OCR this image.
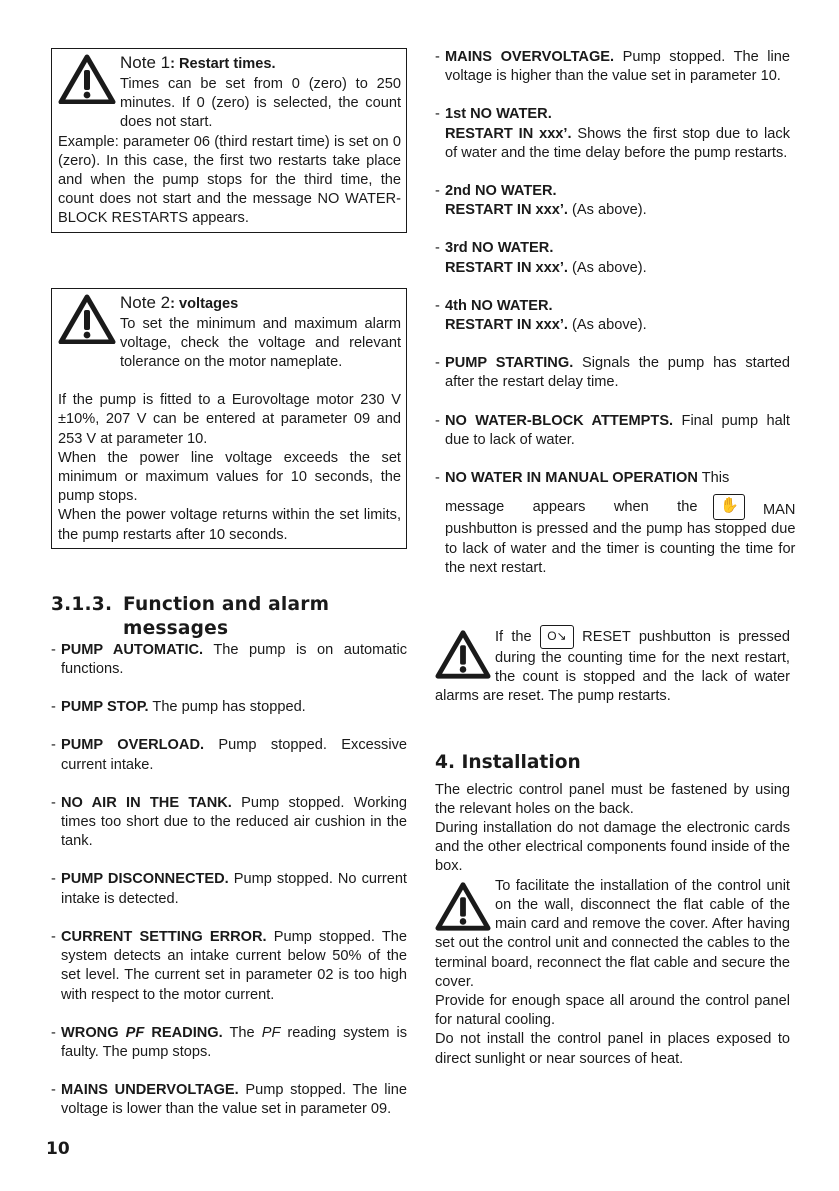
Note 1: Restart times.

Times can be set from 0 (zero) to 250 minutes. If 0 (zero) is selected, the count does not start.

Example: parameter 06 (third restart time) is set on 0 (zero). In this case, the first two restarts take place and when the pump stops for the third time, the count does not start and the message NO WATER-BLOCK RESTARTS appears.

Note 2: voltages

To set the minimum and maximum alarm voltage, check the voltage and relevant tolerance on the motor nameplate.

If the pump is fitted to a Eurovoltage motor 230 V ±10%, 207 V can be entered at parameter 09 and 253 V at parameter 10.

When the power line voltage exceeds the set minimum or maximum values for 10 seconds, the pump stops.

When the power voltage returns within the set limits, the pump restarts after 10 seconds.

3.1.3. Function and alarm
messages
- PUMP AUTOMATIC. The pump is on automatic functions.

- PUMP STOP. The pump has stopped.

- PUMP OVERLOAD. Pump stopped. Excessive current intake.

- NO AIR IN THE TANK. Pump stopped. Working times too short due to the reduced air cushion in the tank.

- PUMP DISCONNECTED. Pump stopped. No current intake is detected.

- CURRENT SETTING ERROR. Pump stopped. The system detects an intake current below 50% of the set level. The current set in parameter 02 is too high with respect to the motor current.

- WRONG PF READING. The PF reading system is faulty. The pump stops.

- MAINS UNDERVOLTAGE. Pump stopped. The line voltage is lower than the value set in parameter 09.

- MAINS OVERVOLTAGE. Pump stopped. The line voltage is higher than the value set in parameter 10.

- 1st NO WATER.
RESTART IN xxx’. Shows the first stop due to lack of water and the time delay before the pump restarts.

- 2nd NO WATER.
RESTART IN xxx’. (As above).

- 3rd NO WATER.
RESTART IN xxx’. (As above).

- 4th NO WATER.
RESTART IN xxx’. (As above).

- PUMP STARTING. Signals the pump has started after the restart delay time.

- NO WATER-BLOCK ATTEMPTS. Final pump halt due to lack of water.

- NO WATER IN MANUAL OPERATION This

message appears when the	✋	MAN pushbutton is pressed and the pump has stopped due to lack of water and the timer is counting the time for the next restart.

If the O↘ RESET pushbutton is pressed during the counting time for the next restart, the count is stopped and the lack of water alarms are reset. The pump restarts.

4. Installation

The electric control panel must be fastened by using the relevant holes on the back.

During installation do not damage the electronic cards and the other electrical components found inside of the box.

To facilitate the installation of the control unit on the wall, disconnect the flat cable of the main card and remove the cover. After having set out the control unit and connected the cables to the terminal board, reconnect the flat cable and secure the cover.

Provide for enough space all around the control panel for natural cooling.

Do not install the control panel in places exposed to direct sunlight or near sources of heat.

10
